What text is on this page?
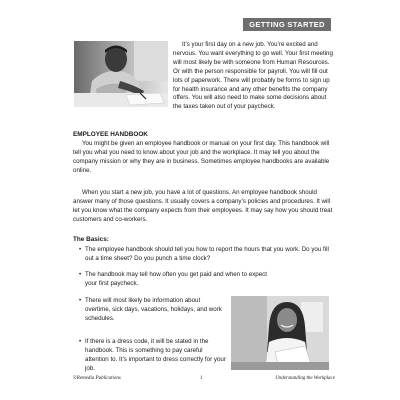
GETTING STARTED

It’s your first day on a new job. You’re excited and nervous. You want everything to go well. Your first meeting will most likely be with someone from Human Resources. Or with the person responsible for payroll. You will fill out lots of paperwork. There will probably be forms to sign up for health insurance and any other benefits the company offers. You will also need to make some decisions about the taxes taken out of your paycheck.

EMPLOYEE HANDBOOK

You might be given an employee handbook or manual on your first day. This handbook will tell you what you need to know about your job and the workplace. It may tell you about the company mission or why they are in business. Sometimes employee handbooks are available online.

When you start a new job, you have a lot of questions. An employee handbook should answer many of those questions. It usually covers a company’s policies and procedures. It will let you know what the company expects from their employees. It may say how you should treat customers and co-workers.

The Basics:
• The employee handbook should tell you how to report the hours that you work. Do you fill out a time sheet? Do you punch a time clock?
• The handbook may tell how often you get paid and when to expect your first paycheck.
• There will most likely be information about overtime, sick days, vacations, holidays, and work schedules.
• If there is a dress code, it will be stated in the handbook. This is something to pay careful attention to. It’s important to dress correctly for your job.
©Remedia Publications	1	Understanding the Workplace
